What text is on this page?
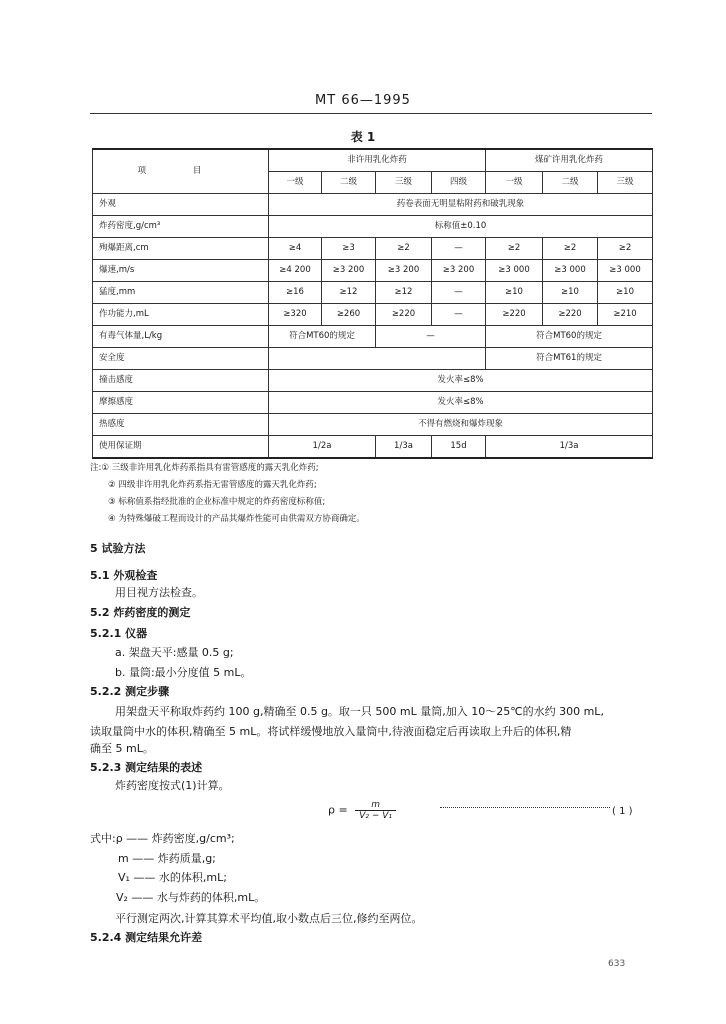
MT 66—1995
表 1
项 目	非许用乳化炸药				煤矿许用乳化炸药		
	一级	二级	三级	四级	一级	二级	三级
外观	药卷表面无明显粘附药和破乳现象						
炸药密度,g/cm³	标称值±0.10						
殉爆距离,cm	≥4	≥3	≥2	—	≥2	≥2	≥2
爆速,m/s	≥4 200	≥3 200	≥3 200	≥3 200	≥3 000	≥3 000	≥3 000
猛度,mm	≥16	≥12	≥12	—	≥10	≥10	≥10
作功能力,mL	≥320	≥260	≥220	—	≥220	≥220	≥210
有毒气体量,L/kg	符合MT60的规定		—		符合MT60的规定		
安全度					符合MT61的规定		
撞击感度	发火率≤8%						
摩擦感度	发火率≤8%						
热感度	不得有燃烧和爆炸现象						
使用保证期	1/2a		1/3a	15d	1/3a		
注:① 三级非许用乳化炸药系指具有雷管感度的露天乳化炸药;
② 四级非许用乳化炸药系指无雷管感度的露天乳化炸药;
③ 标称值系指经批准的企业标准中规定的炸药密度标称值;
④ 为特殊爆破工程而设计的产品其爆炸性能可由供需双方协商确定。
5 试验方法
5.1 外观检查
用目视方法检查。
5.2 炸药密度的测定
5.2.1 仪器
a. 架盘天平:感量 0.5 g;
b. 量筒:最小分度值 5 mL。
5.2.2 测定步骤
用架盘天平称取炸药约 100 g,精确至 0.5 g。取一只 500 mL 量筒,加入 10～25℃的水约 300 mL,
读取量筒中水的体积,精确至 5 mL。将试样缓慢地放入量筒中,待液面稳定后再读取上升后的体积,精
确至 5 mL。
5.2.3 测定结果的表述
炸药密度按式(1)计算。
$\rho = \frac{m}{\text{V₂ − V₁}}$	( 1 )
式中:ρ —— 炸药密度,g/cm³;
m —— 炸药质量,g;
V₁ —— 水的体积,mL;
V₂ —— 水与炸药的体积,mL。
平行测定两次,计算其算术平均值,取小数点后三位,修约至两位。
5.2.4 测定结果允许差
633
